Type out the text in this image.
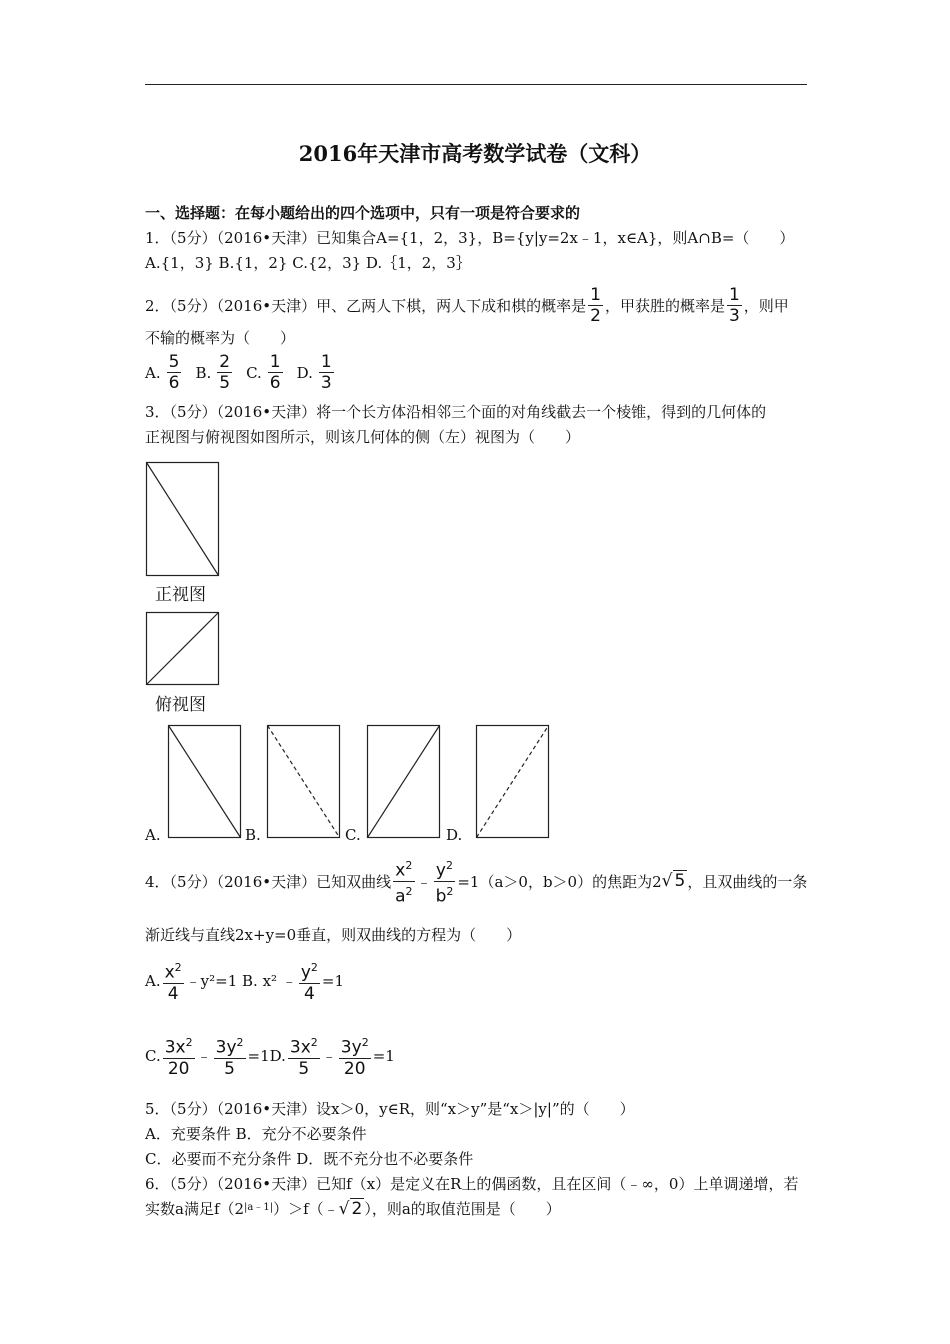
2016年天津市高考数学试卷（文科）
一、选择题：在每小题给出的四个选项中，只有一项是符合要求的
1．（5分）（2016•天津）已知集合A={1，2，3}，B={y|y=2x﹣1，x∈A}，则A∩B=（　　）
A.{1，3} B.{1，2} C.{2，3} D.｛1，2，3｝
2．（5分）（2016•天津）甲、乙两人下棋，两人下成和棋的概率是 $\frac{1}{2}$ ，甲获胜的概率是 $\frac{1}{3}$ ，则甲
不输的概率为（　　）
A. $\frac{5}{6} B$. $\frac{2}{5} C$. $\frac{1}{6} D$. $\frac{1}{3}$
3．（5分）（2016•天津）将一个长方体沿相邻三个面的对角线截去一个棱锥，得到的几何体的
正视图与俯视图如图所示，则该几何体的侧（左）视图为（　　）
正视图
俯视图
A.	B.	C.	D.
4．（5分）（2016•天津）已知双曲线 $\frac{x^2}{a^2}$ ﹣ $\frac{y^2}{b^2} =1(a>0$，b＞0）的焦距为2 √ 5 ，且双曲线的一条
渐近线与直线2x+y=0垂直，则双曲线的方程为（　　）
A. $\frac{x^2}{4}$ ﹣y²=1 B. x² ﹣ $\frac{y^2}{4} =1$
C. $\frac{3x^2}{20}$ ﹣ $\frac{3y^2}{5} =1D$. $\frac{3x^2}{5}$ ﹣ $\frac{3y^2}{20} =1$
5．（5分）（2016•天津）设x＞0，y∈R，则“x＞y”是“x＞|y|”的（　　）
A．充要条件 B．充分不必要条件
C．必要而不充分条件 D．既不充分也不必要条件
6．（5分）（2016•天津）已知f（x）是定义在R上的偶函数，且在区间（﹣∞，0）上单调递增，若
实数a满足$f(2^{|a﹣1|}$ ）＞f（﹣ √ 2 ），则a的取值范围是（　　）
